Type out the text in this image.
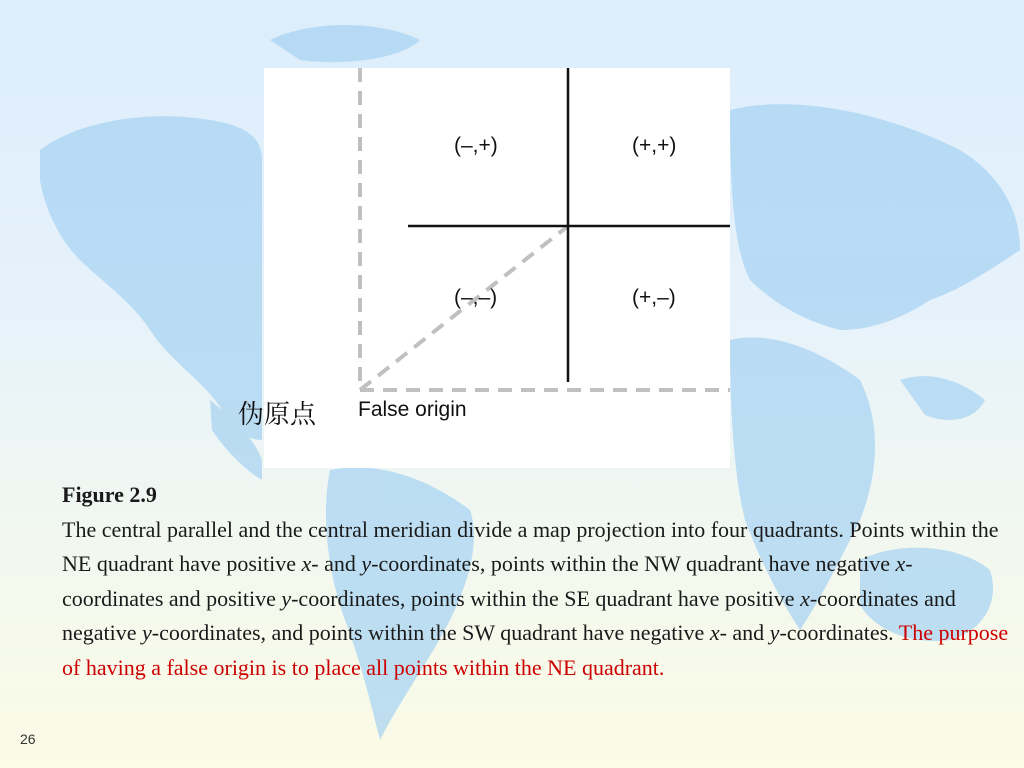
(–,+)	(+,+)
(–,–)	(+,–)
False origin
伪原点
Figure 2.9
The central parallel and the central meridian divide a map projection into four quadrants. Points within the NE quadrant have positive x- and y-coordinates, points within the NW quadrant have negative x-coordinates and positive y-coordinates, points within the SE quadrant have positive x-coordinates and negative y-coordinates, and points within the SW quadrant have negative x- and y-coordinates. The purpose of having a false origin is to place all points within the NE quadrant.
26
